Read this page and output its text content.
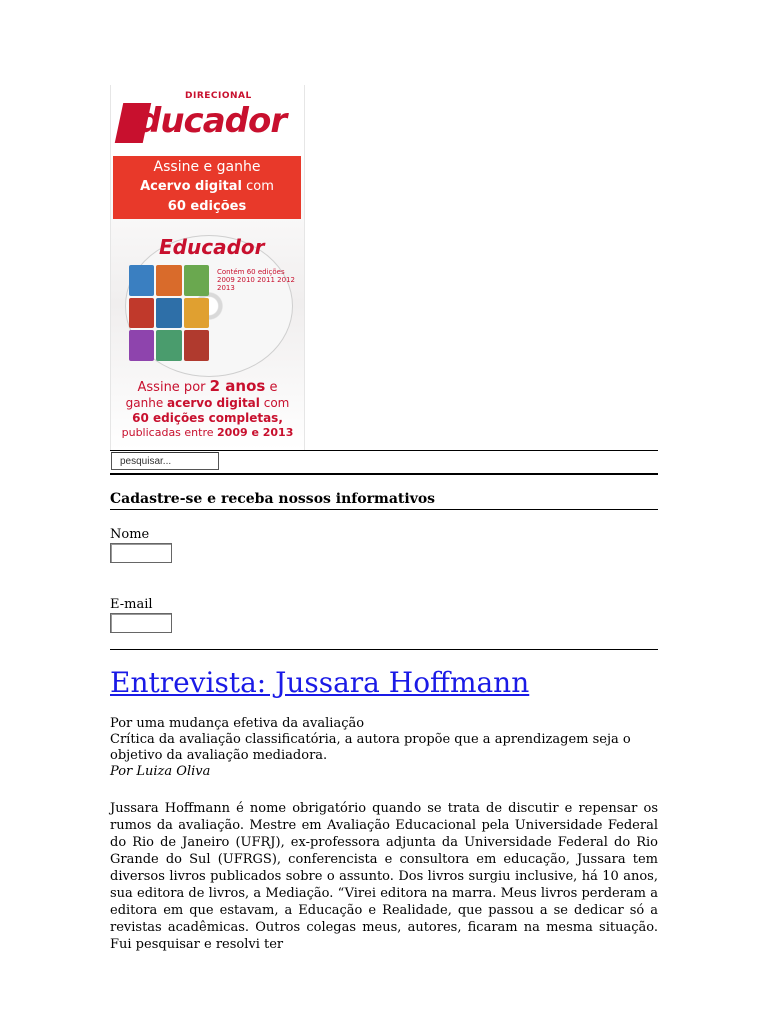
DIRECIONAL
ducador
Assine e ganhe
Acervo digital com
60 edições
Educador
Contém 60 edições
2009 2010 2011 2012 2013
Assine por 2 anos e
ganhe acervo digital com
60 edições completas,
publicadas entre 2009 e 2013
pesquisar...
Cadastre-se e receba nossos informativos
Nome
E-mail
Entrevista: Jussara Hoffmann
Por uma mudança efetiva da avaliação
Crítica da avaliação classificatória, a autora propõe que a aprendizagem seja o objetivo da avaliação mediadora.
Por Luiza Oliva
Jussara Hoffmann é nome obrigatório quando se trata de discutir e repensar os rumos da avaliação. Mestre em Avaliação Educacional pela Universidade Federal do Rio de Janeiro (UFRJ), ex-professora adjunta da Universidade Federal do Rio Grande do Sul (UFRGS), conferencista e consultora em educação, Jussara tem diversos livros publicados sobre o assunto. Dos livros surgiu inclusive, há 10 anos, sua editora de livros, a Mediação. “Virei editora na marra. Meus livros perderam a editora em que estavam, a Educação e Realidade, que passou a se dedicar só a revistas acadêmicas. Outros colegas meus, autores, ficaram na mesma situação. Fui pesquisar e resolvi ter
